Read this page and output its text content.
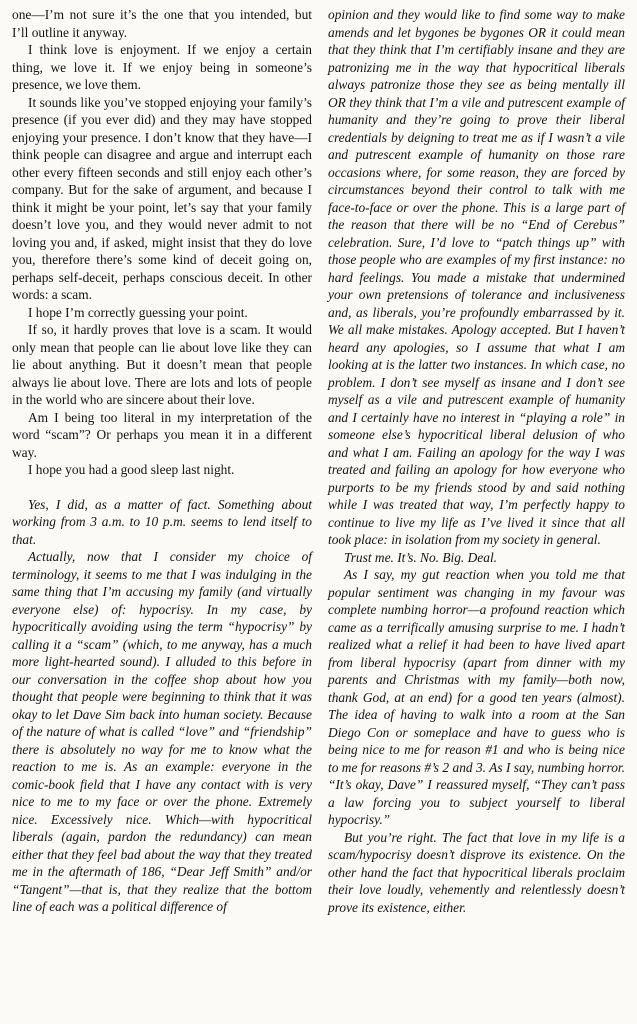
one—I’m not sure it’s the one that you intended, but I’ll outline it anyway.

I think love is enjoyment. If we enjoy a certain thing, we love it. If we enjoy being in someone’s presence, we love them.

It sounds like you’ve stopped enjoying your family’s presence (if you ever did) and they may have stopped enjoying your presence. I don’t know that they have—I think people can disagree and argue and interrupt each other every fifteen seconds and still enjoy each other’s company. But for the sake of argument, and because I think it might be your point, let’s say that your family doesn’t love you, and they would never admit to not loving you and, if asked, might insist that they do love you, therefore there’s some kind of deceit going on, perhaps self-deceit, perhaps conscious deceit. In other words: a scam.

I hope I’m correctly guessing your point.

If so, it hardly proves that love is a scam. It would only mean that people can lie about love like they can lie about anything. But it doesn’t mean that people always lie about love. There are lots and lots of people in the world who are sincere about their love.

Am I being too literal in my interpretation of the word “scam”? Or perhaps you mean it in a different way.

I hope you had a good sleep last night.

Yes, I did, as a matter of fact. Something about working from 3 a.m. to 10 p.m. seems to lend itself to that.

Actually, now that I consider my choice of terminology, it seems to me that I was indulging in the same thing that I’m accusing my family (and virtually everyone else) of: hypocrisy. In my case, by hypocritically avoiding using the term “hypocrisy” by calling it a “scam” (which, to me anyway, has a much more light-hearted sound). I alluded to this before in our conversation in the coffee shop about how you thought that people were beginning to think that it was okay to let Dave Sim back into human society. Because of the nature of what is called “love” and “friendship” there is absolutely no way for me to know what the reaction to me is. As an example: everyone in the comic-book field that I have any contact with is very nice to me to my face or over the phone. Extremely nice. Excessively nice. Which—with hypocritical liberals (again, pardon the redundancy) can mean either that they feel bad about the way that they treated me in the aftermath of 186, “Dear Jeff Smith” and/or “Tangent”—that is, that they realize that the bottom line of each was a political difference of

opinion and they would like to find some way to make amends and let bygones be bygones OR it could mean that they think that I’m certifiably insane and they are patronizing me in the way that hypocritical liberals always patronize those they see as being mentally ill OR they think that I’m a vile and putrescent example of humanity and they’re going to prove their liberal credentials by deigning to treat me as if I wasn’t a vile and putrescent example of humanity on those rare occasions where, for some reason, they are forced by circumstances beyond their control to talk with me face-to-face or over the phone. This is a large part of the reason that there will be no “End of Cerebus” celebration. Sure, I’d love to “patch things up” with those people who are examples of my first instance: no hard feelings. You made a mistake that undermined your own pretensions of tolerance and inclusiveness and, as liberals, you’re profoundly embarrassed by it. We all make mistakes. Apology accepted. But I haven’t heard any apologies, so I assume that what I am looking at is the latter two instances. In which case, no problem. I don’t see myself as insane and I don’t see myself as a vile and putrescent example of humanity and I certainly have no interest in “playing a role” in someone else’s hypocritical liberal delusion of who and what I am. Failing an apology for the way I was treated and failing an apology for how everyone who purports to be my friends stood by and said nothing while I was treated that way, I’m perfectly happy to continue to live my life as I’ve lived it since that all took place: in isolation from my society in general.

Trust me. It’s. No. Big. Deal.

As I say, my gut reaction when you told me that popular sentiment was changing in my favour was complete numbing horror—a profound reaction which came as a terrifically amusing surprise to me. I hadn’t realized what a relief it had been to have lived apart from liberal hypocrisy (apart from dinner with my parents and Christmas with my family—both now, thank God, at an end) for a good ten years (almost). The idea of having to walk into a room at the San Diego Con or someplace and have to guess who is being nice to me for reason #1 and who is being nice to me for reasons #’s 2 and 3. As I say, numbing horror. “It’s okay, Dave” I reassured myself, “They can’t pass a law forcing you to subject yourself to liberal hypocrisy.”

But you’re right. The fact that love in my life is a scam/hypocrisy doesn’t disprove its existence. On the other hand the fact that hypocritical liberals proclaim their love loudly, vehemently and relentlessly doesn’t prove its existence, either.
